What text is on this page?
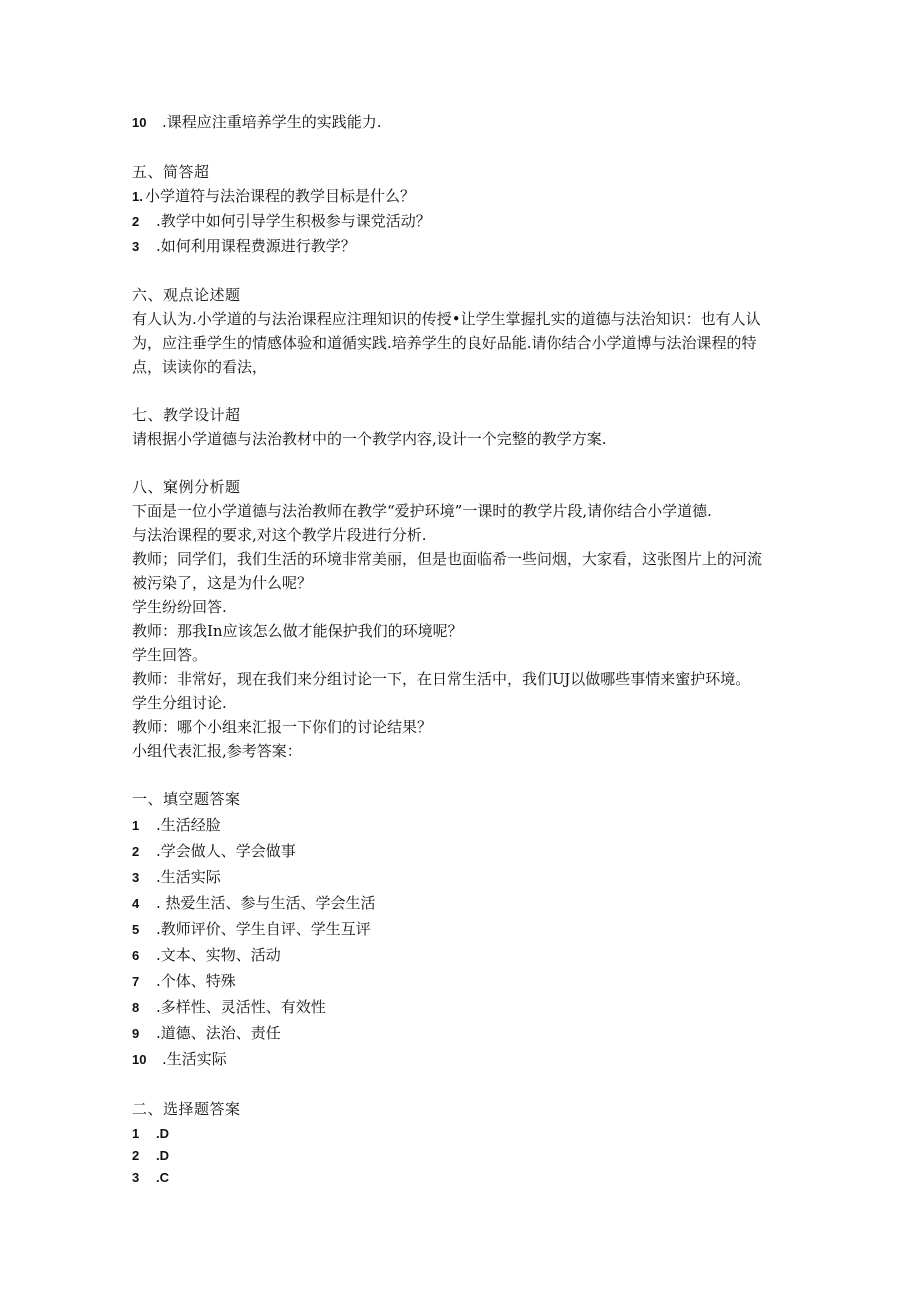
10 .课程应注重培养学生的实践能力.
五、简答超
1. 小学道符与法治课程的教学目标是什么？
2 .教学中如何引导学生积极参与课党活动？
3 .如何利用课程费源进行教学？
六、观点论述题
有人认为.小学道的与法治课程应注理知识的传授•让学生掌握扎实的道德与法治知识：也有人认
为，应注垂学生的情感体验和道循实践.培养学生的良好品能.请你结合小学道博与法治课程的特
点，读读你的看法，
七、教学设计超
请根据小学道德与法治教材中的一个教学内容,设计一个完整的教学方案.
八、窠例分析题
下面是一位小学道德与法治教师在教学“爱护环境”一课时的教学片段,请你结合小学道德.
与法治课程的要求,对这个教学片段进行分析.
教师；同学们，我们生活的环境非常美丽，但是也面临希一些问烟，大家看，这张图片上的河流
被污染了，这是为什么呢？
学生纷纷回答.
教师：那我In应该怎么做才能保护我们的环境呢？
学生回答。
教师：非常好，现在我们来分组讨论一下，在日常生活中，我们UJ以做哪些事情来蜜护环境。
学生分组讨论.
教师：哪个小组来汇报一下你们的讨论结果？
小组代表汇报,参考答案：
一、填空题答案
1 .生活经脸
2 .学会做人、学会做事
3 .生活实际
4 . 热爱生活、参与生活、学会生活
5 .教师评价、学生自评、学生互评
6 .文本、实物、活动
7 .个体、特殊
8 .多样性、灵活性、有效性
9 .道德、法治、责任
10 .生活实际
二、选择题答案
1 .D
2 .D
3 .C
